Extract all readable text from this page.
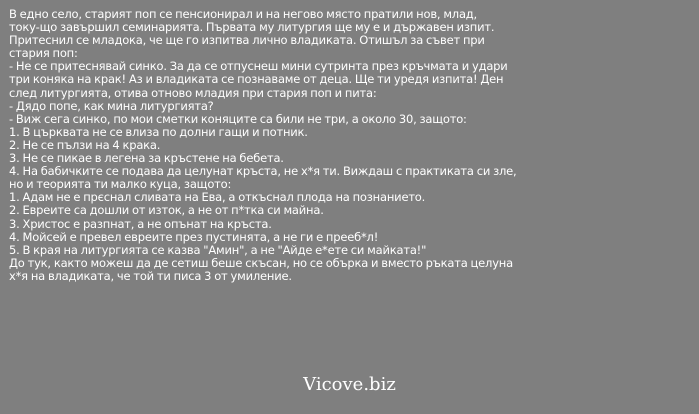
В едно село, старият поп се пенсионирал и на негово място пратили нов, млад,
току-що завършил семинарията. Първата му литургия ще му е и държавен изпит.
Притеснил се младока, че ще го изпитва лично владиката. Отишъл за съвет при
стария поп:
- Не се притеснявай синко. За да се отпуснеш мини сутринта през кръчмата и удари
три коняка на крак! Аз и владиката се познаваме от деца. Ще ти уредя изпита! Ден
след литургията, отива отново младия при стария поп и пита:
- Дядо попе, как мина литургията?
- Виж сега синко, по мои сметки коняците са били не три, а около 30, защото:
1. В църквата не се влиза по долни гащи и потник.
2. Не се пълзи на 4 крака.
3. Не се пикае в легена за кръстене на бебета.
4. На бабичките се подава да целунат кръста, не х*я ти. Виждаш с практиката си зле,
но и теорията ти малко куца, защото:
1. Адам не е прєснал сливата на Ева, а откъснал плода на познанието.
2. Евреите са дошли от изток, а не от п*тка си майна.
3. Христос е разпнат, а не опънат на кръста.
4. Мойсей е превел евреите през пустинята, а не ги е прееб*л!
5. В края на литургията се казва "Амин", а не "Айде е*ете си майката!"
До тук, както можеш да де сетиш беше скъсан, но се обърка и вместо ръката целуна
х*я на владиката, че той ти писа 3 от умиление.
Vicove.biz
